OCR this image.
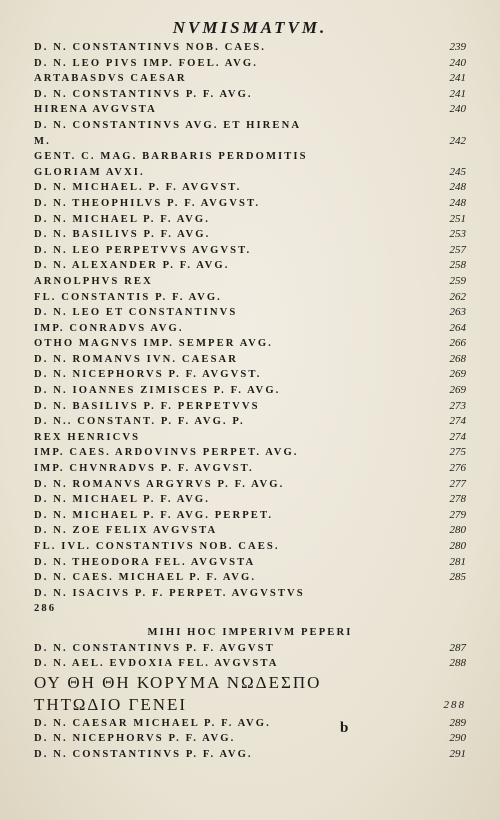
NVMISMATVM.
D. N. CONSTANTINVS NOB. CAES.	239
D. N. LEO PIVS IMP. FOEL. AVG.	240
ARTABASDVS CAESAR	241
D. N. CONSTANTINVS P. F. AVG.	241
HIRENA AVGVSTA	240
D. N. CONSTANTINVS AVG. ET HIRENA
M.	242
GENT. C. MAG. BARBARIS PERDOMITIS
GLORIAM AVXI.	245
D. N. MICHAEL. P. F. AVGVST.	248
D. N. THEOPHILVS P. F. AVGVST.	248
D. N. MICHAEL P. F. AVG.	251
D. N. BASILIVS P. F. AVG.	253
D. N. LEO PERPETVVS AVGVST.	257
D. N. ALEXANDER P. F. AVG.	258
ARNOLPHVS REX	259
FL. CONSTANTIS P. F. AVG.	262
D. N. LEO ET CONSTANTINVS	263
IMP. CONRADVS AVG.	264
OTHO MAGNVS IMP. SEMPER AVG.	266
D. N. ROMANVS IVN. CAESAR	268
D. N. NICEPHORVS P. F. AVGVST.	269
D. N. IOANNES ZIMISCES P. F. AVG.	269
D. N. BASILIVS P. F. PERPETVVS	273
D. N.. CONSTANT. P. F. AVG. P.	274
REX HENRICVS	274
IMP. CAES. ARDOVINVS PERPET. AVG.	275
IMP. CHVNRADVS P. F. AVGVST.	276
D. N. ROMANVS ARGYRVS P. F. AVG.	277
D. N. MICHAEL P. F. AVG.	278
D. N. MICHAEL P. F. AVG. PERPET.	279
D. N. ZOE FELIX AVGVSTA	280
FL. IVL. CONSTANTIVS NOB. CAES.	280
D. N. THEODORA FEL. AVGVSTA	281
D. N. CAES. MICHAEL P. F. AVG.	285
D. N. ISACIVS P. F. PERPET. AVGVSTVS
286
MIHI HOC IMPERIVM PEPERI
D. N. CONSTANTINVS P. F. AVGVST	287
D. N. AEL. EVDOXIA FEL. AVGVSTA	288
ΟΥ ΘΗ ΘΗ ΚΟΡΥΜΑ ΝΩΔΕΣΠΟ
ΤΗΤΩΔΙΟ ΓΕΝΕΙ	288
D. N. CAESAR MICHAEL P. F. AVG.	289
D. N. NICEPHORVS P. F. AVG.	290
D. N. CONSTANTINVS P. F. AVG.	291
b
